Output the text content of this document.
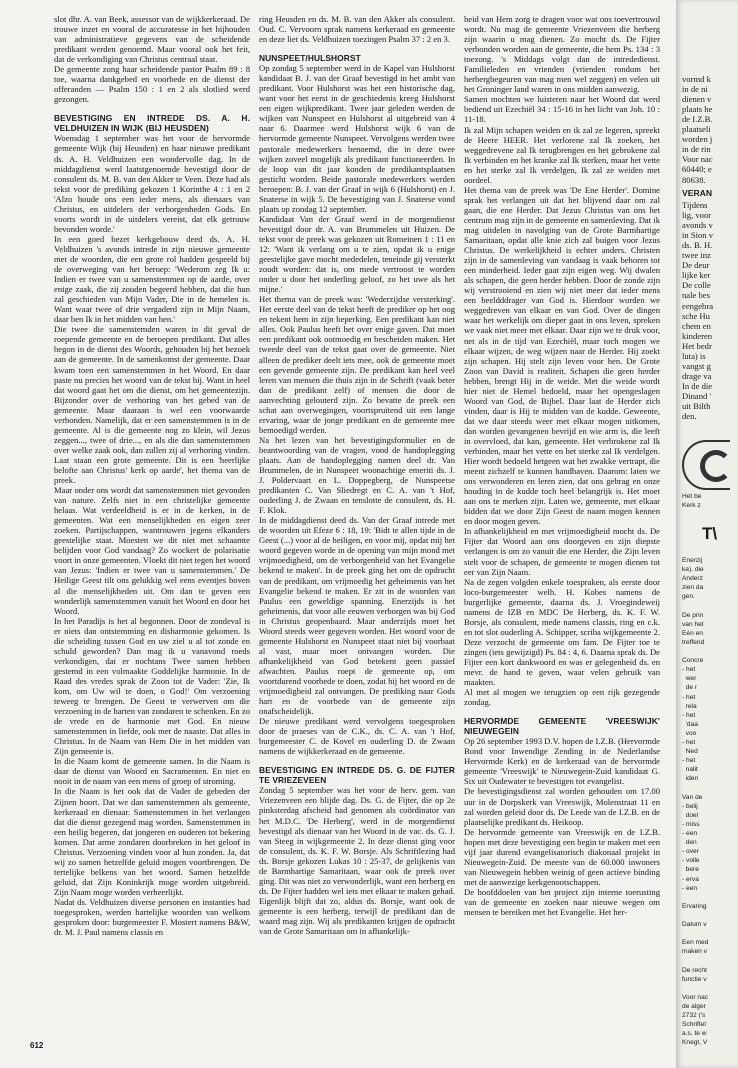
slot dhr. A. van Beek, assessor van de wijkkerkeraad. De trouwe inzet en vooral de accuratesse in het bijhouden van administratieve gegevens van de scheidende predikant werden genoemd. Maar vooral ook het feit, dat de verkondiging van Christus centraal staat.

De gemeente zong haar scheidende pastor Psalm 89 : 8 toe, waarna dankgebed en voorbede en de dienst der offeranden — Psalm 150 : 1 en 2 als slotlied werd gezongen.

BEVESTIGING EN INTREDE DS. A. H. VELDHUIZEN IN WIJK (BIJ HEUSDEN)

Woensdag 1 september was het voor de hervormde gemeente Wijk (bij Heusden) en haar nieuwe predikant ds. A. H. Veldhuizen een wondervolle dag. In de middagdienst werd laatstgenoemde bevestigd door de consulent ds. M. B. van den Akker te Veen. Deze had als tekst voor de prediking gekozen 1 Korinthe 4 : 1 en 2 'Alzo houde ons een ieder mens, als dienaars van Christus, en uitdelers der verborgenheden Gods. En voorts wordt in de uitdelers vereist, dat elk getrouw bevonden worde.'

In een goed bezet kerkgebouw deed ds. A. H. Veldhuizen 's avonds intrede in zijn nieuwe gemeente met de woorden, die een grote rol hadden gespeeld bij de overweging van het beroep: 'Wederom zeg Ik u: Indien er twee van u samenstemmen op de aarde, over enige zaak, die zij zouden begeerd hebben, dat die hun zal geschieden van Mijn Vader, Die in de hemelen is. Want waar twee of drie vergaderd zijn in Mijn Naam, daar ben Ik in het midden van hen.'

Die twee die samenstemden waren in dit geval de roepende gemeente en de beroepen predikant. Dat alles begon in de dienst des Woords, gehouden bij het bezoek aan de gemeente. In de samenkomst der gemeente. Daar kwam toen een samenstemmen in het Woord. En daar paste nu precies het woord van de tekst bij. Want in heel dat woord gaat het om die dienst, om het gemeentezijn. Bijzonder over de verhoring van het gebed van de gemeente. Maar daaraan is wel een voorwaarde verbonden. Namelijk, dat er een samenstemmen is in de gemeente. Al is die gemeente nog zo klein, wil Jezus zeggen..., twee of drie..., en als die dan samenstemmen over welke zaak ook, dan zullen zij al verhoring vinden. Laat staan een grote gemeente. Dit is een 'heerlijke belofte aan Christus' kerk op aarde', het thema van de preek.

Maar onder ons wordt dat samenstemmen niet gevonden van nature. Zelfs niet in een christelijke gemeente helaas. Wat verdeeldheid is er in de kerken, in de gemeenten. Wat een menselijkheden en eigen zeer zoeken. Partijschappen, wantrouwen jegens elkanders geestelijke staat. Moesten we dit niet met schaamte belijden voor God vandaag? Zo wockert de polarisatie voort in onze gemeenten. Vloekt dit niet tegen het woord van Jezus: 'Indien er twee van u samenstemmen.' De Heilige Geest tilt ons gelukkig wel eens eventjes boven al die menselijkheden uit. Om dan te geven een wonderlijk samenstemmen vanuit het Woord en door het Woord.

In het Paradijs is het al begonnen. Door de zondeval is er niets dan ontstemming en disharmonie gekomen. Is die scheiding tussen God en uw ziel u al tot zonde en schuld geworden? Dan mag ik u vanavond roeds verkondigen, dat er nochtans Twee samen hebben gestemd in een volmaakte Goddelijke harmonie. In de Raad des vredes sprak de Zoon tot de Vader: 'Zie, Ik kom, om Uw wil te doen, o God!' Om verzoening teweeg te brengen. De Geest te verwerven om die verzoening in de harten van zondaren te schenken. En zo de vrede en de harmonie met God. En nieuw samenstemmen in liefde, ook met de naaste. Dat alles in Christus. In de Naam van Hem Die in het midden van Zijn gemeente is.

In die Naam komt de gemeente samen. In die Naam is daar de dienst van Woord en Sacramenten. En niet en nooit in de naam van een mens of groep of stroming.

In die Naam is het ook dat de Vader de gebeden der Zijnen hoort. Dat we dan samenstemmen als gemeente, kerkeraad en dienaar. Samenstemmen in het verlangen dat die dienst gezegend mag worden. Samenstemmen in een heilig begeren, dat jongeren en ouderen tot bekering komen. Dat arme zondaren doorbreken in het geloof in Christus. Verzoening vinden voor al hun zonden. Ja, dat wij zo samen hetzelfde geluid mogen voortbrengen. De tertelijke belkens van het woord. Samen hetzelfde geluid, dat Zijn Koninkrijk moge worden uitgebreid. Zijn Naam moge worden verheerlijkt.

Nadat ds. Veldhuizen diverse personen en instanties had toegesproken, werden hartelijke woorden van welkom gesproken door: burgemeester F. Mostert namens B&W, dr. M. J. Paul namens classis en

ring Heusden en ds. M. B. van den Akker als consulent. Oud. C. Vervoorn sprak namens kerkeraad en gemeente en deze liet ds. Veldhuizen toezingen Psalm 37 : 2 en 3.

NUNSPEET/HULSHORST

Op zondag 5 september werd in de Kapel van Hulshorst kandidaat B. J. van der Graaf bevestigd in het ambt van predikant. Voor Hulshorst was het een historische dag, want voor het eerst in de geschiedenis kreeg Hulshorst een eigen wijkpredikant. Twee jaar geleden werden de wijken van Nunspeet en Hulshorst al uitgebreid van 4 naar 6. Daarmee werd Hulshorst wijk 6 van de hervormde gemeente Nunspeet. Vervolgens werden twee pastorale medewerkers benoemd, die in deze twee wijken zoveel mogelijk als predikant functioneerden. In de loop van dit jaar konden de predikantsplaatsen gesticht worden. Beide pastorale medewerkers werden beroepen: B. J. van der Graaf in wijk 6 (Hulshorst) en J. Snaterse in wijk 5. De bevestiging van J. Snaterse vond plaats op zondag 12 september.

Kandidaat Van der Graaf werd in de morgendienst bevestigd door dr. A. van Brummelen uit Huizen. De tekst voor de preek was gekozen uit Romeinen 1 : 11 en 12: 'Want ik verlang om u te zien, opdat ik u enige geestelijke gave mocht mededelen, teneinde gij versterkt zoudt worden: dat is, om mede vertroost te worden onder u door het onderling geloof, zo het uwe als het mijne.'

Het thema van de preek was: 'Wederzijdse versterking'. Het eerste deel van de tekst heeft de prediker op het oog en tekent hem in zijn beperking. Een predikant kan niet alles. Ook Paulus heeft het over enige gaven. Dat moet een predikant ook ootmoedig en bescheiden maken. Het tweede deel van de tekst gaat over de gemeente. Niet alleen de prediker deelt iets mee, ook de gemeente moet een gevende gemeente zijn. De predikant kan heel veel leren van mensen die thuis zijn in de Schrift (vaak beter dan de predikant zelf) of mensen die door de aanvechting gelouterd zijn. Zo bevatte de preek een schat aan overwegingen, voortspruitend uit een lange ervaring, waar de jonge predikant en de gemeente mee bemoedigd werden.

Na het lezen van het bevestigingsformulier en de beantwoording van de vragen, vond de handoplegging plaats. Aan de handoplegging namen deel dr. Van Brummelen, de in Nunspeet woonachtige emeriti ds. J. J. Poldervaart en L. Doppegberg, de Nunspeetse predikanten C. Van Sliedregt en C. A. van 't Hof, ouderling J. de Zwaan en tenslotte de consulent, ds. H. F. Klok.

In de middagdienst deed ds. Van der Graaf intrede met de woorden uit Efeze 6 : 18, 19: 'Bidt te allen tijde in de Geest (...) voor al de heiligen, en voor mij, opdat mij het woord gegeven worde in de opening van mijn mond met vrijmoedigheid, om de verborgenheid van het Evangelie bekend te maken'. In de preek ging het om de opdracht van de predikant, om vrijmoedig het geheimenis van het Evangelie bekend te maken. Er zit in de woorden van Paulus een geweldige spanning. Enerzijds is het geheimenis, dat voor alle eeuwen verborgen was bij God in Christus geopenbaard. Maar anderzijds moet het Woord steeds weer gegeven worden. Het woord voor de gemeente Hulshorst en Nunspeet staat niet bij voorbaat al vast, maar moet ontvangen worden. Die afhankelijkheid van God betekent geen passief afwachten. Paulus roept de gemeente op, om voortdurend voorbede te doen, zodat hij het woord en de vrijmoedigheid zal ontvangen. De prediking naar Gods hart en de voorbede van de gemeente zijn onafscheidelijk.

De nieuwe predikant werd vervolgens toegesproken door de praeses van de C.K., ds. C. A. van 't Hof, burgemeester C. de Kovel en ouderling D. de Zwaan namens de wijkkerkeraad en de gemeente.

BEVESTIGING EN INTREDE DS. G. DE FIJTER TE VRIEZEVEEN

Zondag 5 september was het voor de herv. gem. van Vriezenveen een blijde dag. Ds. G. de Fijter, die op 2e pinksterdag afscheid had genomen als coördinator van het M.D.C. 'De Herberg', werd in de morgendienst bevestigd als dienaar van het Woord in de vac. ds. G. J. van Steeg in wijkgemeente 2. In deze dienst ging voor de consulent, ds. K. F. W. Borsje. Als Schriftlezing had ds. Borsje gekozen Lukas 10 : 25-37, de gelijkenis van de Barmhartige Samaritaan, waar ook de preek over ging. Dit was niet zo verwonderlijk, want een herberg en ds. De Fijter hadden wel iets met elkaar te maken gehad. Eigenlijk blijft dat zo, aldus ds. Borsje, want ook de gemeente is een herberg, terwijl de predikant dan de waard mag zijn. Wij als predikanten krijgen de opdracht van de Grote Samaritaan om in afhankelijk-

heid van Hem zorg te dragen voor wat ons toevertrouwd wordt. Nu mag de gemeente Vriezenveen die herberg zijn waarin u mag dienen. Zo mocht ds. De Fijter verbonden worden aan de gemeente, die hem Ps. 134 : 3 toezong. 's Middags volgt dan de intrededienst. Familieleden en vrienden (vrienden rondom het herbergbegeuren van mag men wel zeggen) en velen uit het Groninger land waren in ons midden aanwezig.

Samen mochten we luisteren naar het Woord dat werd bediend uit Ezechiël 34 : 15-16 in het licht van Joh. 10 : 11-18.

Ik zal Mijn schapen weiden en ik zal ze legeren, spreekt de Heere HEER. Het verlorene zal Ik zoeken, het weggedrevene zal Ik terugbrengen en het gebrokene zal Ik verbinden en het kranke zal Ik sterken, maar het vette en het sterke zal Ik verdelgen, Ik zal ze weiden met oordeel.

Het thema van de preek was 'De Ene Herder'. Domine sprak het verlangen uit dat het blijvend daar om zal gaan, die ene Herder. Dat Jezus Christus van ons het centrum mag zijn in de gemeente en samenleving. Dat ik mag uitdelen in navolging van de Grote Barmhartige Samaritaan, opdat alle knie zich zal buigen voor Jezus Christus. De werkelijkheid is echter anders. Christen zijn in de samenleving van vandaag is vaak behoren tot een minderheid. Ieder gaat zijn eigen weg. Wij dwalen als schapen, die geen herder hebben. Door de zonde zijn wij verstrooiend en zien wij niet meer dat ieder mens een beeldddrager van God is. Hierdoor worden we weggedreven van elkaar en van God. Over de dingen waar het werkelijk om dieper gaat in ons leven, spreken we vaak niet meer met elkaar. Daar zijn we te druk voor, net als in de tijd van Ezechiël, maar toch mogen we elkaar wijzen, de weg wijzen naar de Herder. Hij zoekt zijn schapen. Hij stelt zijn leven voor hen. De Grote Zoon van David is realiteit. Schapen die geen herder hebben, brengt Hij in de weide. Met die weide wordt hier niet de Hemel bedoeld, maar het opengeslagen Woord van God, de Bijbel. Daar laat de Herder zich vinden, daar is Hij te midden van de kudde. Geweente, dat we daar steeds weer met elkaar mogen uitkomen, dan worden gevangenen bevrijd en wie arm is, die leeft in overvloed, dat kan, gemeente. Het verbrokene zal Ik verbinden, maar het vette en het sterke zal Ik verdelgen. Hier wordt bedoeld hetgeen wat het zwakke vertrapt, die meent zichzelf te kunnen handhaven. Daarom: laten we ons verwonderen en leren zien, dat ons gebrag en onze houding in de kudde toch heel belangrijk is. Het moet aan ons te merken zijn. Laten we, gemeente, met elkaar bidden dat we door Zijn Geest de naam mogen kennen en door mogen geven.

In afhankelijkheid en met vrijmoedigheid mocht ds. De Fijter dat Woord aan ons doorgeven en zijn diepste verlangen is om zo vanuit die ene Herder, die Zijn leven stelt voor de schapen, de gemeente te mogen dienen tot eer van Zijn Naam.

Na de zegen volgden enkele toespraken, als eerste door loco-burgemeester welh. H. Kobes namens de burgerlijke gemeente, daarna ds. J. Vroegindeweij namens de IZB en MDC De Herberg, ds. K. F. W. Borsje, als consulent, mede namens classis, ring en c.k. en tot slot ouderling A. Schipper, scriba wijkgemeente 2. Deze verzocht de gemeente om fam. De Fijter toe te zingen (iets gewijzigd) Ps. 84 : 4, 6. Daarna sprak ds. De Fijter een kort dankwoord en was er gelegenheid ds. en mevr. de hand te geven, waar velen gebruik van maakten.

Al met al mogen we terugzien op een rijk gezegende zondag.

HERVORMDE GEMEENTE 'VREESWIJK' NIEUWEGEIN

Op 26 september 1993 D.V. hopen de I.Z.B. (Hervormde Bond voor Inwendige Zending in de Nederlandse Hervormde Kerk) en de kerkeraad van de hervormde gemeente 'Vreeswijk' te Nieuwegein-Zuid kandidaat G. Six uit Oudewater te bevestigen tot evangelist.

De bevestigingsdienst zal worden gehouden om 17.00 uur in de Dorpskerk van Vreeswijk, Molenstraat 11 en zal worden geleid door ds. De Leede van de I.Z.B. en de plaatselijke predikant ds. Heikoop.

De hervormde gemeente van Vreeswijk en de I.Z.B. hopen met deze bevestiging een begin te maken met een vijf jaar durend evangelisatorisch diakonaal projekt in Nieuwegein-Zuid. De meeste van de 60.000 inwoners van Nieuwegein hebben weinig of geen actieve binding met de aanwezige kerkgenootschappen.

De hoofddoelen van het project zijn interne toerusting van de gemeente en zoeken naar nieuwe wegen om mensen te bereiken met het Evangelie. Het her-

612
vormd k
in de ni
dienen v
plaats he
de I.Z.B.
plaatseli
worden j
in de rin
Voor nac
60440; e
80638.
VERAN
Tijdens
lig, voor
avonds v
in Sion v
ds. B. H.
twee inz
De deur
lijke ker
De colle
nale bes
eengebra
sche Hu
chem en
kinderen
Het bedr
luta) is
vangst g
drage va
In de die
Dinand '
uit Bilth
den.
Het be
Kerk z
T\
Enerzij
ka), die
Anderz
zien da
gen.
De prin
van het
Eén en
treffend
Concre
- het
wer
de r
- het
rela
- het
'daa
voo
- het
Ned
- het
nalit
iden
Van de
- belij
doel
- miss
- een
den
- over
- volle
bere
- erva
- een
Ervaring
Datum v
Een med
maken v
De recht
functie v
Voor nac
de alger
2732 ('s
Schriftel
a.s. te w
Knegt, V
